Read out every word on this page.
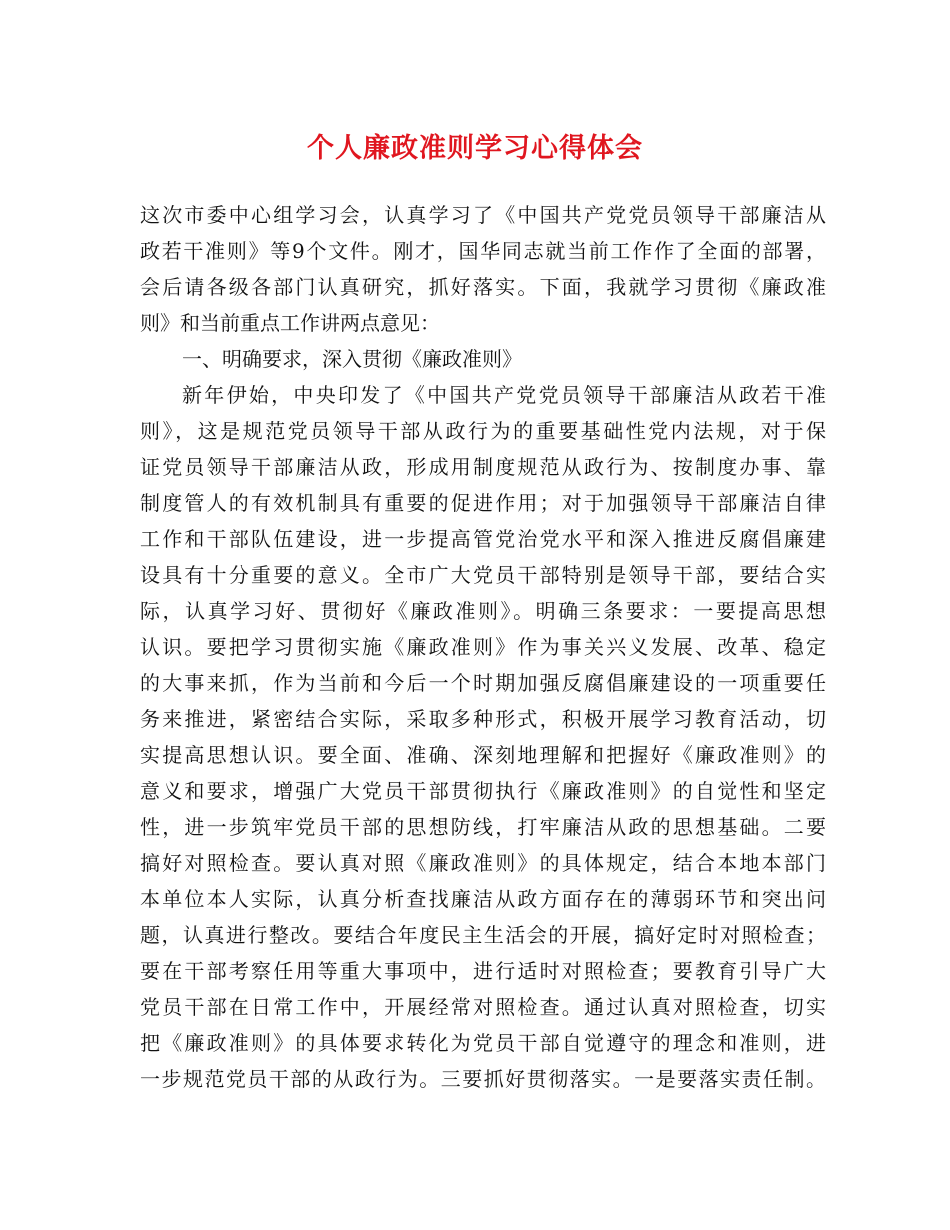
个人廉政准则学习心得体会
这次市委中心组学习会，认真学习了《中国共产党党员领导干部廉洁从
政若干准则》等9个文件。刚才，国华同志就当前工作作了全面的部署，
会后请各级各部门认真研究，抓好落实。下面，我就学习贯彻《廉政准
则》和当前重点工作讲两点意见：
一、明确要求，深入贯彻《廉政准则》
新年伊始，中央印发了《中国共产党党员领导干部廉洁从政若干准
则》，这是规范党员领导干部从政行为的重要基础性党内法规，对于保
证党员领导干部廉洁从政，形成用制度规范从政行为、按制度办事、靠
制度管人的有效机制具有重要的促进作用；对于加强领导干部廉洁自律
工作和干部队伍建设，进一步提高管党治党水平和深入推进反腐倡廉建
设具有十分重要的意义。全市广大党员干部特别是领导干部，要结合实
际，认真学习好、贯彻好《廉政准则》。明确三条要求：一要提高思想
认识。要把学习贯彻实施《廉政准则》作为事关兴义发展、改革、稳定
的大事来抓，作为当前和今后一个时期加强反腐倡廉建设的一项重要任
务来推进，紧密结合实际，采取多种形式，积极开展学习教育活动，切
实提高思想认识。要全面、准确、深刻地理解和把握好《廉政准则》的
意义和要求，增强广大党员干部贯彻执行《廉政准则》的自觉性和坚定
性，进一步筑牢党员干部的思想防线，打牢廉洁从政的思想基础。二要
搞好对照检查。要认真对照《廉政准则》的具体规定，结合本地本部门
本单位本人实际，认真分析查找廉洁从政方面存在的薄弱环节和突出问
题，认真进行整改。要结合年度民主生活会的开展，搞好定时对照检查；
要在干部考察任用等重大事项中，进行适时对照检查；要教育引导广大
党员干部在日常工作中，开展经常对照检查。通过认真对照检查，切实
把《廉政准则》的具体要求转化为党员干部自觉遵守的理念和准则，进
一步规范党员干部的从政行为。三要抓好贯彻落实。一是要落实责任制。
